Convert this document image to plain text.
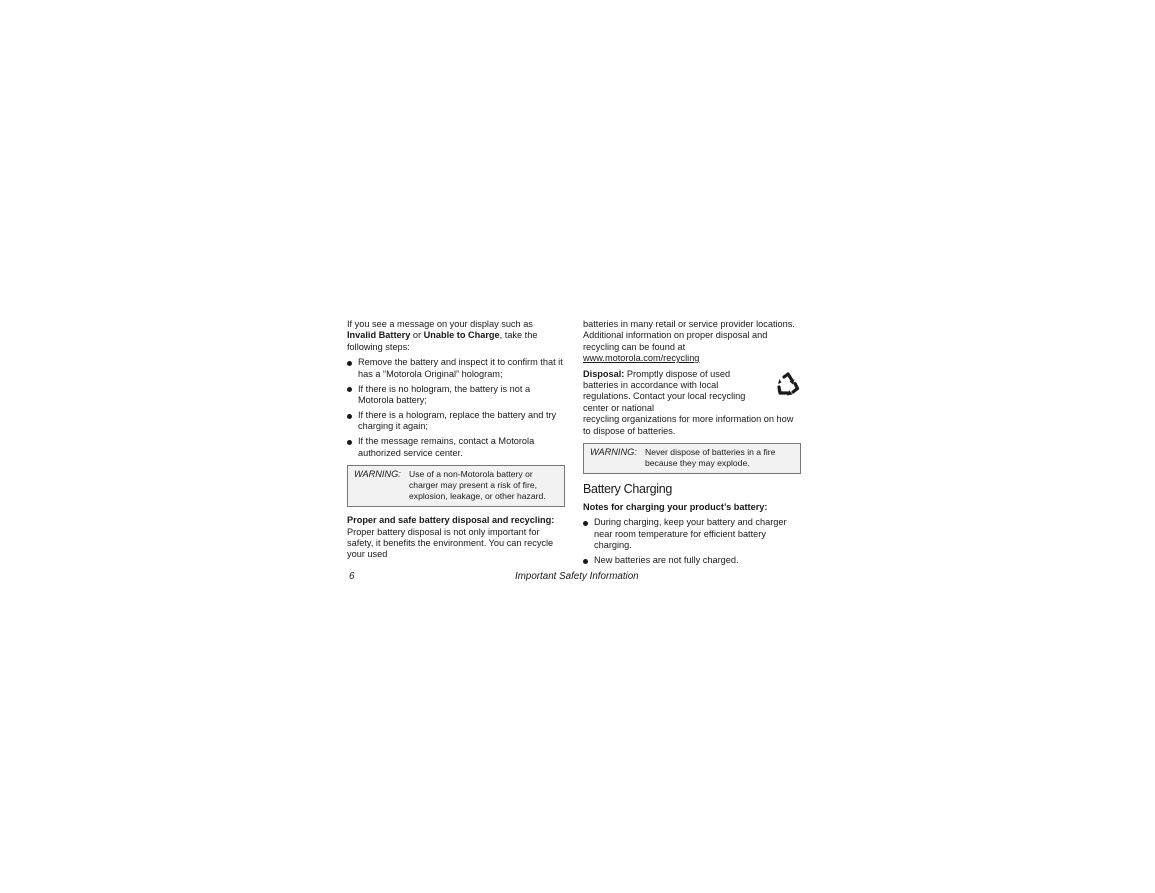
If you see a message on your display such as
Invalid Battery or Unable to Charge, take the following steps:

Remove the battery and inspect it to confirm that it has a “Motorola Original” hologram;
If there is no hologram, the battery is not a Motorola battery;
If there is a hologram, replace the battery and try charging it again;
If the message remains, contact a Motorola authorized service center.
WARNING: Use of a non-Motorola battery or charger may present a risk of fire, explosion, leakage, or other hazard.

Proper and safe battery disposal and recycling:

Proper battery disposal is not only important for safety, it benefits the environment. You can recycle your used

batteries in many retail or service provider locations. Additional information on proper disposal and recycling can be found at www.motorola.com/recycling

Disposal: Promptly dispose of used batteries in accordance with local regulations. Contact your local recycling center or national

recycling organizations for more information on how to dispose of batteries.

WARNING: Never dispose of batteries in a fire because they may explode.
Battery Charging

Notes for charging your product’s battery:

During charging, keep your battery and charger near room temperature for efficient battery charging.
New batteries are not fully charged.
6	Important Safety Information
